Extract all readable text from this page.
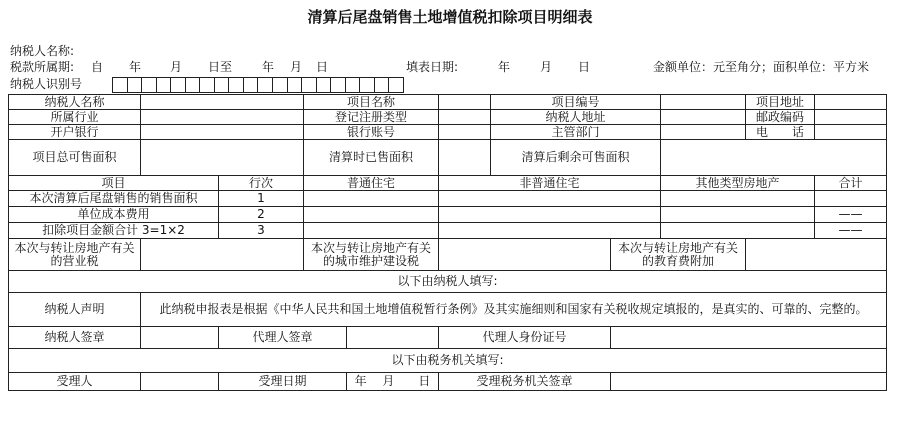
清算后尾盘销售土地增值税扣除项目明细表
纳税人名称:
税款所属期: 自 年 月 日至 年 月 日	填表日期:	年 月 日	金额单位：元至角分；面积单位：平方米
纳税人识别号
纳税人名称			项目名称			项目编号			项目地址	
所属行业			登记注册类型			纳税人地址			邮政编码	
开户银行			银行账号			主管部门			电　　话	
项目总可售面积			清算时已售面积			清算后剩余可售面积				
项目		行次	普通住宅		非普通住宅			其他类型房地产		合计
本次清算后尾盘销售的销售面积		1								
单位成本费用		2								——
扣除项目金额合计 3=1×2		3								——
本次与转让房地产有关的营业税			本次与转让房地产有关的城市维护建设税				本次与转让房地产有关的教育费附加			
以下由纳税人填写:										
纳税人声明	此纳税申报表是根据《中华人民共和国土地增值税暂行条例》及其实施细则和国家有关税收规定填报的，是真实的、可靠的、完整的。									
纳税人签章		代理人签章			代理人身份证号					
以下由税务机关填写:										
受理人		受理日期		年　 月　　日	受理税务机关签章					
